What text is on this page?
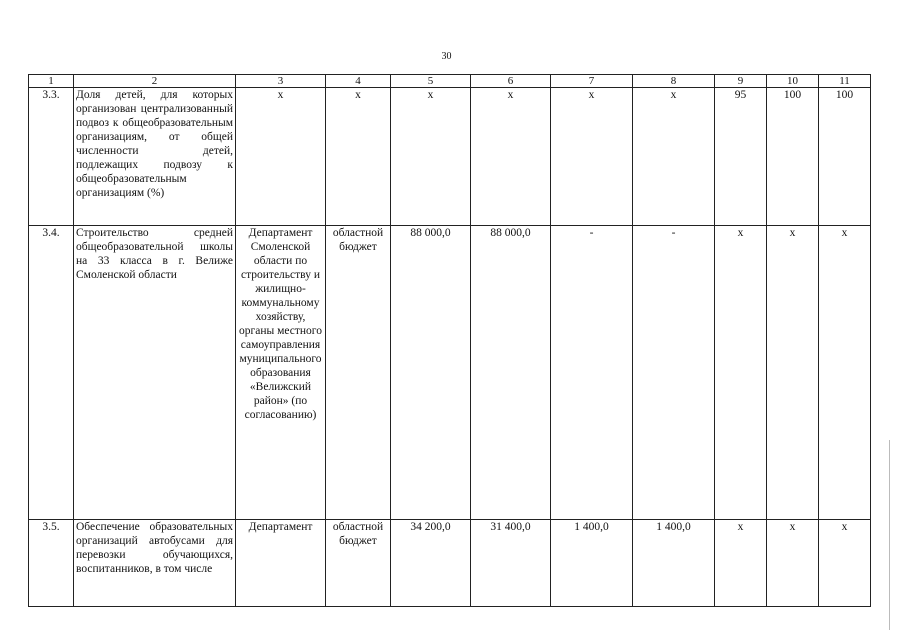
30
1	2	3	4	5	6	7	8	9	10	11
3.3.	Доля детей, для которых организован централизованный подвоз к общеобразовательным организациям, от общей численности детей, подлежащих подвозу к общеобразовательным организациям (%)	x	x	x	x	x	x	95	100	100
3.4.	Строительство средней общеобразовательной школы на 33 класса в г. Велиже Смоленской области	Департамент Смоленской области по строительству и жилищно-коммунальному хозяйству, органы местного самоуправления муниципального образования «Велижский район» (по согласованию)	областной бюджет	88 000,0	88 000,0	-	-	x	x	x
3.5.	Обеспечение образовательных организаций автобусами для перевозки обучающихся, воспитанников, в том числе	Департамент	областной бюджет	34 200,0	31 400,0	1 400,0	1 400,0	x	x	x
